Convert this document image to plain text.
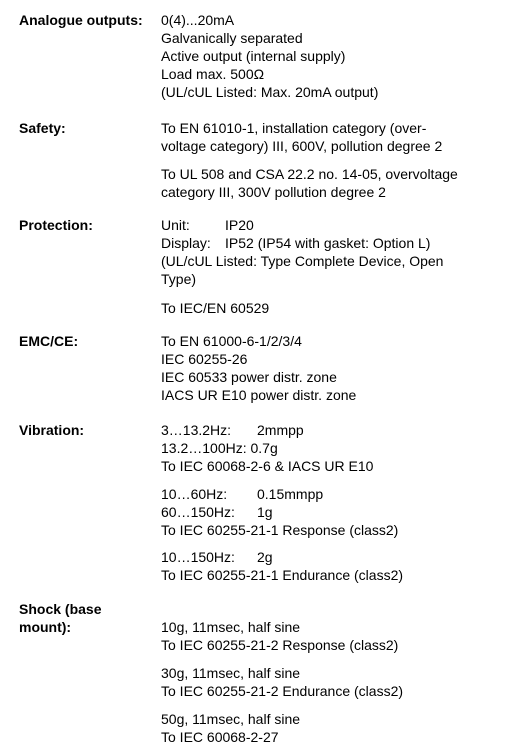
Analogue outputs: 0(4)...20mA
Galvanically separated
Active output (internal supply)
Load max. 500Ω
(UL/cUL Listed: Max. 20mA output)
Safety:	To EN 61010-1, installation category (over-
voltage category) III, 600V, pollution degree 2
To UL 508 and CSA 22.2 no. 14-05, overvoltage
category III, 300V pollution degree 2
Protection:	Unit:	IP20
Display: IP52 (IP54 with gasket: Option L)
(UL/cUL Listed: Type Complete Device, Open
Type)
To IEC/EN 60529
EMC/CE:	To EN 61000-6-1/2/3/4
IEC 60255-26
IEC 60533 power distr. zone
IACS UR E10 power distr. zone
Vibration:	3…13.2Hz: 2mmpp
13.2…100Hz: 0.7g
To IEC 60068-2-6 & IACS UR E10
10…60Hz: 0.15mmpp
60…150Hz: 1g
To IEC 60255-21-1 Response (class2)
10…150Hz: 2g
To IEC 60255-21-1 Endurance (class2)
Shock (base
mount):	10g, 11msec, half sine
To IEC 60255-21-2 Response (class2)
30g, 11msec, half sine
To IEC 60255-21-2 Endurance (class2)
50g, 11msec, half sine
To IEC 60068-2-27
